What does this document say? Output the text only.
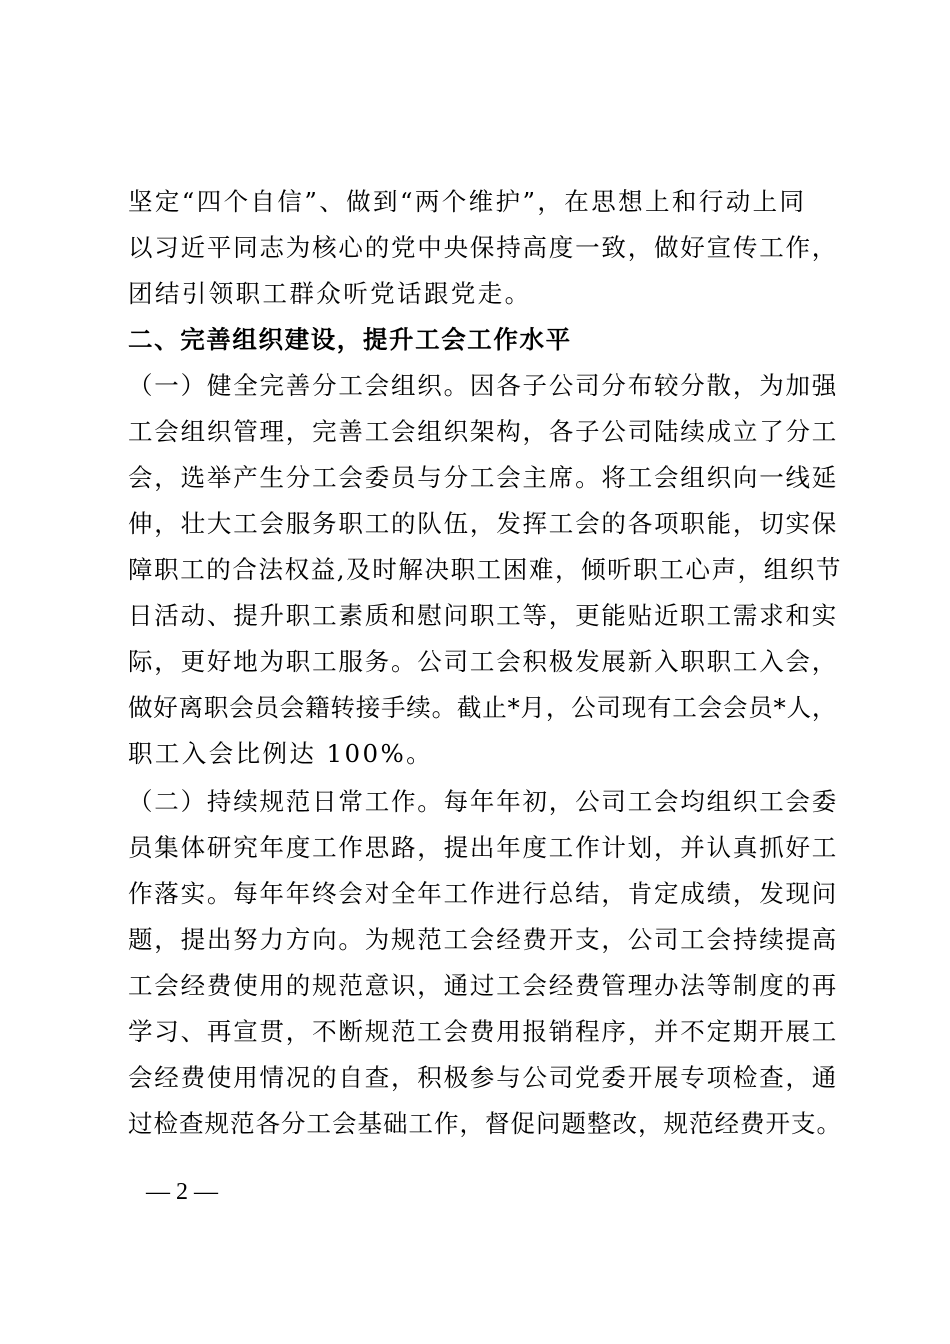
坚定“四个自信”、做到“两个维护”，在思想上和行动上同
以习近平同志为核心的党中央保持高度一致，做好宣传工作，
团结引领职工群众听党话跟党走。
二、完善组织建设，提升工会工作水平
（一）健全完善分工会组织。因各子公司分布较分散，为加强
工会组织管理，完善工会组织架构，各子公司陆续成立了分工
会，选举产生分工会委员与分工会主席。将工会组织向一线延
伸，壮大工会服务职工的队伍，发挥工会的各项职能，切实保
障职工的合法权益,及时解决职工困难，倾听职工心声，组织节
日活动、提升职工素质和慰问职工等，更能贴近职工需求和实
际，更好地为职工服务。公司工会积极发展新入职职工入会，
做好离职会员会籍转接手续。截止*月，公司现有工会会员*人，
职工入会比例达 100%。
（二）持续规范日常工作。每年年初，公司工会均组织工会委
员集体研究年度工作思路，提出年度工作计划，并认真抓好工
作落实。每年年终会对全年工作进行总结，肯定成绩，发现问
题，提出努力方向。为规范工会经费开支，公司工会持续提高
工会经费使用的规范意识，通过工会经费管理办法等制度的再
学习、再宣贯，不断规范工会费用报销程序，并不定期开展工
会经费使用情况的自查，积极参与公司党委开展专项检查，通
过检查规范各分工会基础工作，督促问题整改，规范经费开支。
— 2 —
